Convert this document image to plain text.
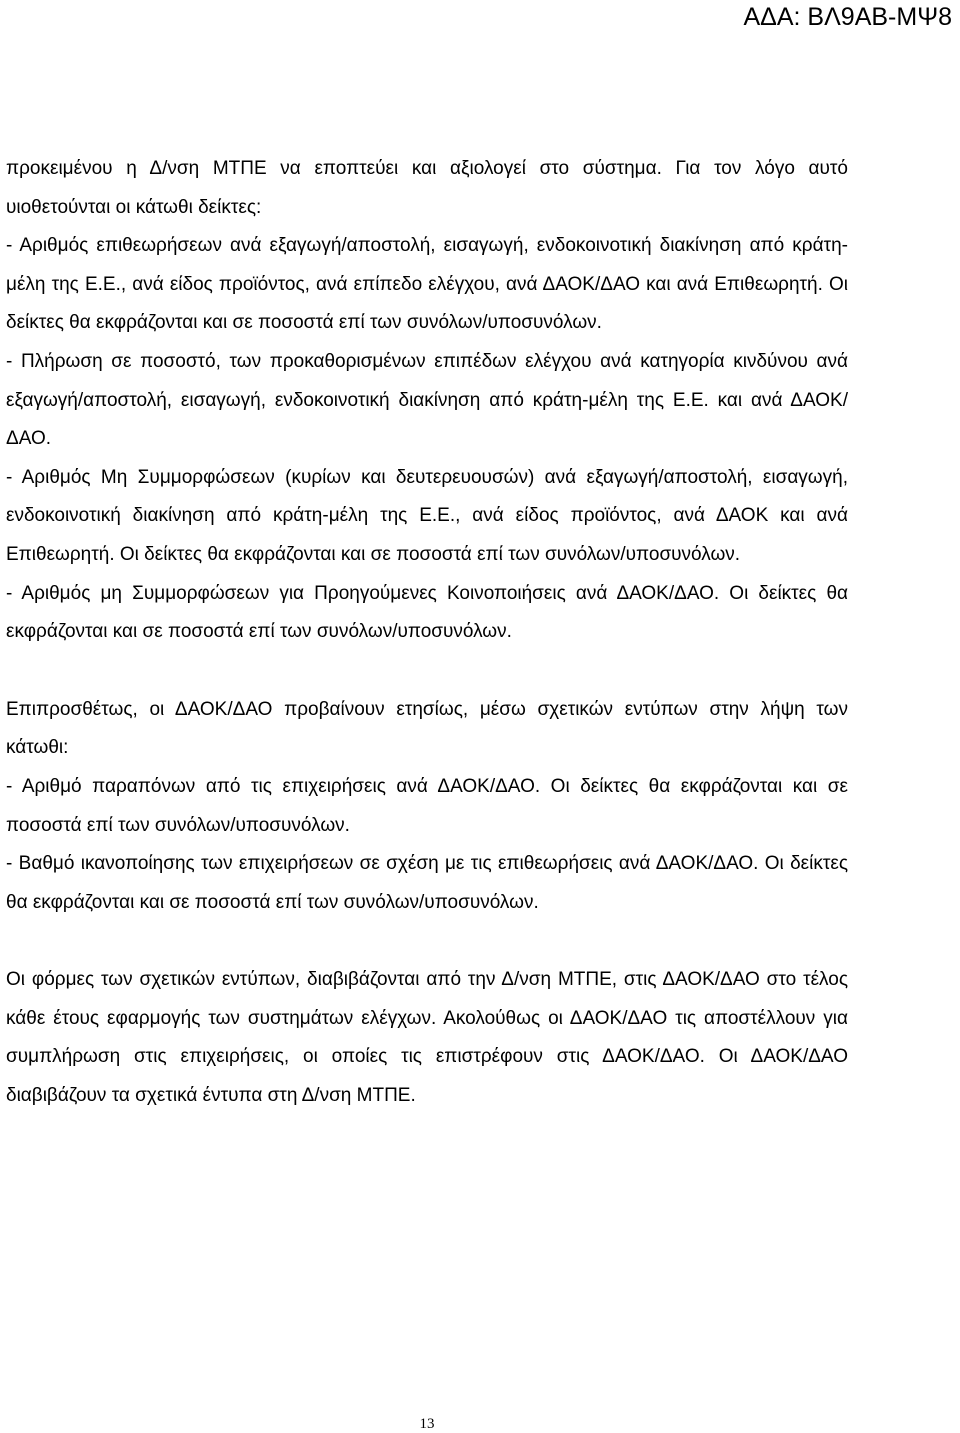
ΑΔΑ: ΒΛ9ΑΒ-ΜΨ8

προκειμένου η Δ/νση ΜΤΠΕ να εποπτεύει και αξιολογεί στο σύστημα. Για τον λόγο αυτό υιοθετούνται οι κάτωθι δείκτες:

- Αριθμός επιθεωρήσεων ανά εξαγωγή/αποστολή, εισαγωγή, ενδοκοινοτική διακίνηση από κράτη-μέλη της Ε.Ε., ανά είδος προϊόντος, ανά επίπεδο ελέγχου, ανά ΔΑΟΚ/ΔΑΟ και ανά Επιθεωρητή. Οι δείκτες θα εκφράζονται και σε ποσοστά επί των συνόλων/υποσυνόλων.

- Πλήρωση σε ποσοστό, των προκαθορισμένων επιπέδων ελέγχου ανά κατηγορία κινδύνου ανά εξαγωγή/αποστολή, εισαγωγή, ενδοκοινοτική διακίνηση από κράτη-μέλη της Ε.Ε. και ανά ΔΑΟΚ/ΔΑΟ.

- Αριθμός Μη Συμμορφώσεων (κυρίων και δευτερευουσών) ανά εξαγωγή/αποστολή, εισαγωγή, ενδοκοινοτική διακίνηση από κράτη-μέλη της Ε.Ε., ανά είδος προϊόντος, ανά ΔΑΟΚ και ανά Επιθεωρητή. Οι δείκτες θα εκφράζονται και σε ποσοστά επί των συνόλων/υποσυνόλων.

- Αριθμός μη Συμμορφώσεων για Προηγούμενες Κοινοποιήσεις ανά ΔΑΟΚ/ΔΑΟ. Οι δείκτες θα εκφράζονται και σε ποσοστά επί των συνόλων/υποσυνόλων.

Επιπροσθέτως, οι ΔΑΟΚ/ΔΑΟ προβαίνουν ετησίως, μέσω σχετικών εντύπων στην λήψη των κάτωθι:

- Αριθμό παραπόνων από τις επιχειρήσεις ανά ΔΑΟΚ/ΔΑΟ. Οι δείκτες θα εκφράζονται και σε ποσοστά επί των συνόλων/υποσυνόλων.

- Βαθμό ικανοποίησης των επιχειρήσεων σε σχέση με τις επιθεωρήσεις ανά ΔΑΟΚ/ΔΑΟ. Οι δείκτες θα εκφράζονται και σε ποσοστά επί των συνόλων/υποσυνόλων.

Οι φόρμες των σχετικών εντύπων, διαβιβάζονται από την Δ/νση ΜΤΠΕ, στις ΔΑΟΚ/ΔΑΟ στο τέλος κάθε έτους εφαρμογής των συστημάτων ελέγχων. Ακολούθως οι ΔΑΟΚ/ΔΑΟ τις αποστέλλουν για συμπλήρωση στις επιχειρήσεις, οι οποίες τις επιστρέφουν στις ΔΑΟΚ/ΔΑΟ. Οι ΔΑΟΚ/ΔΑΟ διαβιβάζουν τα σχετικά έντυπα στη Δ/νση ΜΤΠΕ.

13
